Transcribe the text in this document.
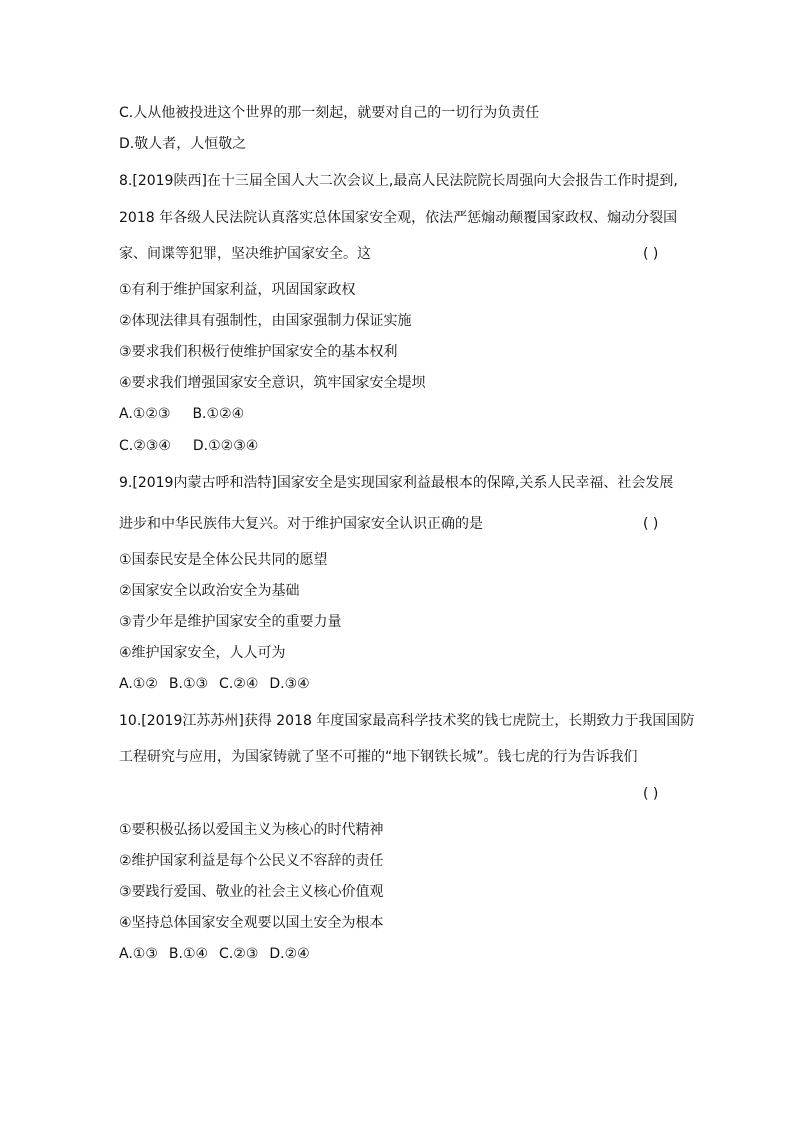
C.人从他被投进这个世界的那一刻起，就要对自己的一切行为负责任
D.敬人者，人恒敬之
8.[2019陕西]在十三届全国人大二次会议上,最高人民法院院长周强向大会报告工作时提到,
2018 年各级人民法院认真落实总体国家安全观，依法严惩煽动颠覆国家政权、煽动分裂国
家、间谍等犯罪，坚决维护国家安全。这	( )
①有利于维护国家利益，巩固国家政权
②体现法律具有强制性，由国家强制力保证实施
③要求我们积极行使维护国家安全的基本权利
④要求我们增强国家安全意识，筑牢国家安全堤坝
A.①②③ B.①②④
C.②③④ D.①②③④
9.[2019内蒙古呼和浩特]国家安全是实现国家利益最根本的保障,关系人民幸福、社会发展
进步和中华民族伟大复兴。对于维护国家安全认识正确的是	( )
①国泰民安是全体公民共同的愿望
②国家安全以政治安全为基础
③青少年是维护国家安全的重要力量
④维护国家安全，人人可为
A.①② B.①③ C.②④ D.③④
10.[2019江苏苏州]获得 2018 年度国家最高科学技术奖的钱七虎院士，长期致力于我国国防
工程研究与应用，为国家铸就了坚不可摧的“地下钢铁长城”。钱七虎的行为告诉我们
( )
①要积极弘扬以爱国主义为核心的时代精神
②维护国家利益是每个公民义不容辞的责任
③要践行爱国、敬业的社会主义核心价值观
④坚持总体国家安全观要以国土安全为根本
A.①③ B.①④ C.②③ D.②④
